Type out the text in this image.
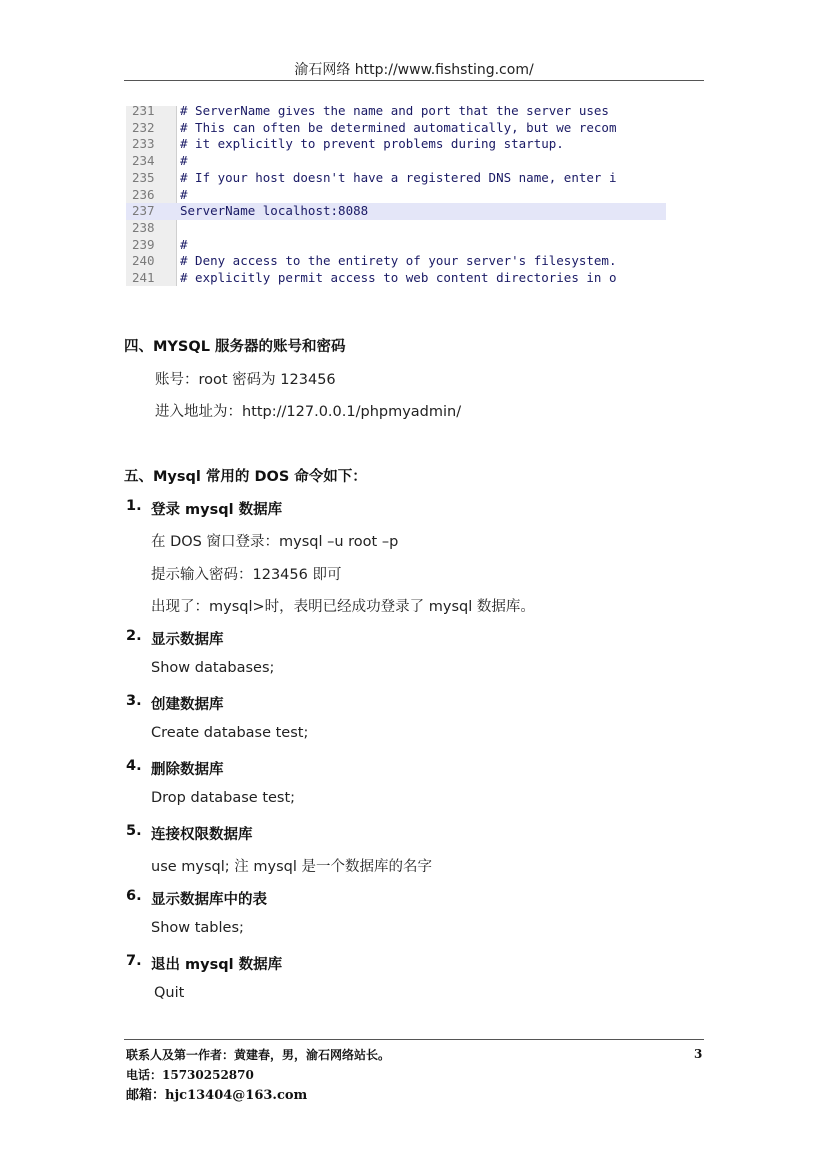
渝石网络 http://www.fishsting.com/
231	# ServerName gives the name and port that the server uses
232	# This can often be determined automatically, but we recom
233	# it explicitly to prevent problems during startup.
234	#
235	# If your host doesn't have a registered DNS name, enter i
236	#
237	ServerName localhost:8088
238
239	#
240	# Deny access to the entirety of your server's filesystem.
241	# explicitly permit access to web content directories in o
四、MYSQL 服务器的账号和密码
账号：root 密码为 123456
进入地址为：http://127.0.0.1/phpmyadmin/
五、Mysql 常用的 DOS 命令如下：
1. 登录 mysql 数据库
在 DOS 窗口登录：mysql –u root –p
提示输入密码：123456 即可
出现了：mysql>时，表明已经成功登录了 mysql 数据库。
2. 显示数据库
Show databases;
3. 创建数据库
Create database test;
4. 删除数据库
Drop database test;
5. 连接权限数据库
use mysql; 注 mysql 是一个数据库的名字
6. 显示数据库中的表
Show tables;
7. 退出 mysql 数据库
Quit
联系人及第一作者：黄建春，男，渝石网络站长。	3
电话：15730252870
邮箱：hjc13404@163.com
